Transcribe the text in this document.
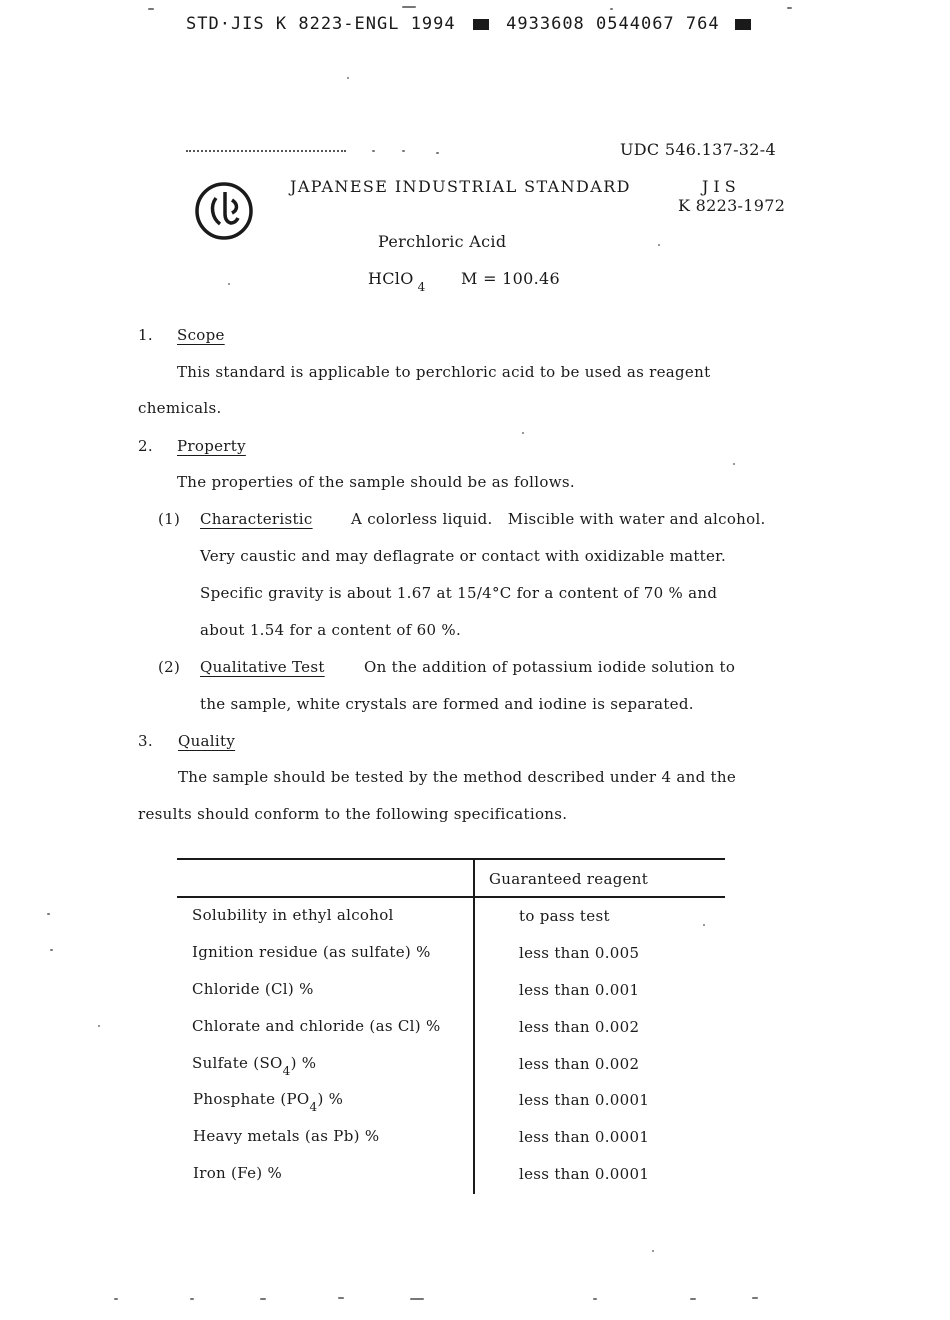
STD·JIS K 8223-ENGL 1994	4933608 0544067 764
UDC 546.137-32-4
JAPANESE INDUSTRIAL STANDARD	JIS
K 8223-1972
Perchloric Acid
HClO $_4$ M = 100.46
1. Scope
This standard is applicable to perchloric acid to be used as reagent
chemicals.
2. Property
The properties of the sample should be as follows.
(1) Characteristic	A colorless liquid.   Miscible with water and alcohol.
Very caustic and may deflagrate or contact with oxidizable matter.
Specific gravity is about 1.67 at 15/4°C for a content of 70 % and
about 1.54 for a content of 60 %.
(2) Qualitative Test	On the addition of potassium iodide solution to
the sample, white crystals are formed and iodine is separated.
3. Quality
The sample should be tested by the method described under 4 and the
results should conform to the following specifications.
Guaranteed reagent
Solubility in ethyl alcohol	to pass test
Ignition residue (as sulfate) %	less than 0.005
Chloride (Cl) %	less than 0.001
Chlorate and chloride (as Cl) %	less than 0.002
Sulfate $(SO_4)$ %	less than 0.002
Phosphate $(PO_4)$ %	less than 0.0001
Heavy metals (as Pb) %	less than 0.0001
Iron (Fe) %	less than 0.0001
